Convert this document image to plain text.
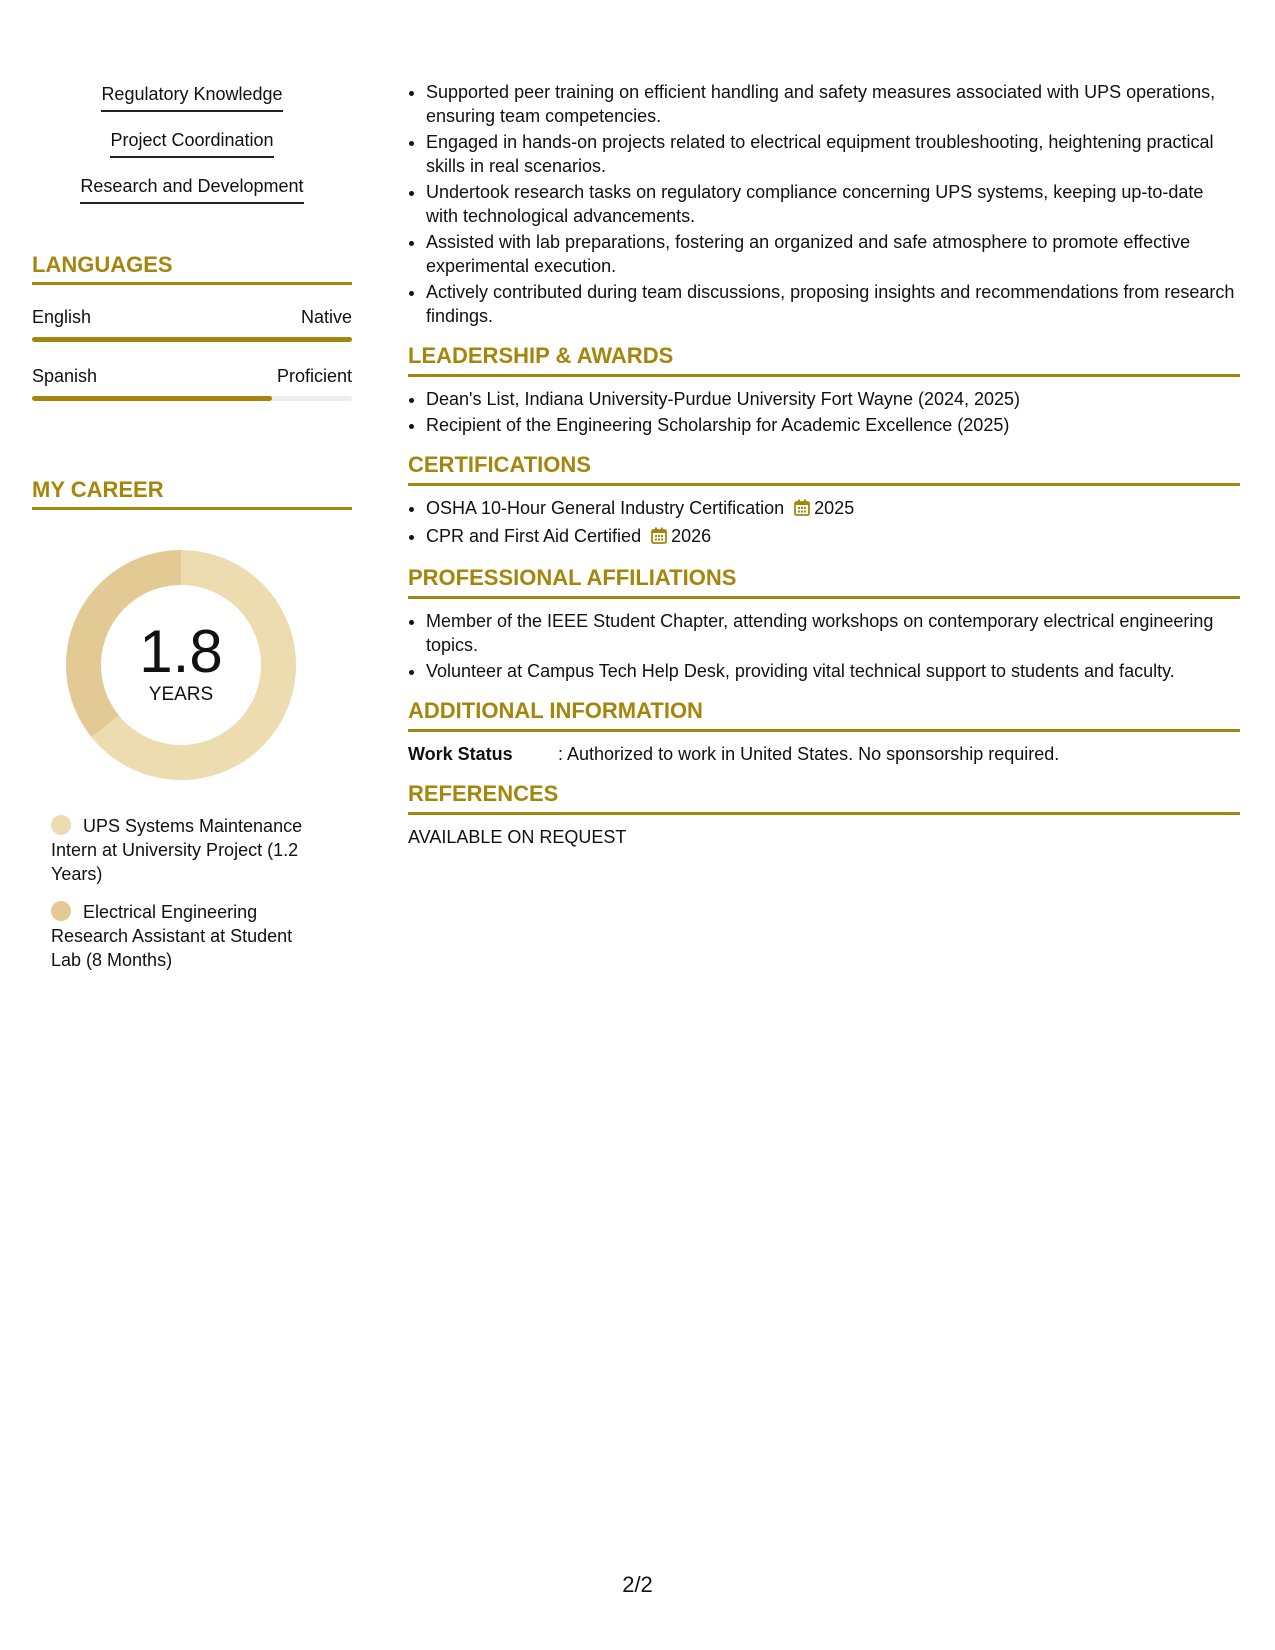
Regulatory Knowledge
Project Coordination
Research and Development
LANGUAGES
English	Native
Spanish	Proficient
MY CAREER
1.8
YEARS
UPS Systems Maintenance Intern at University Project (1.2 Years)
Electrical Engineering Research Assistant at Student Lab (8 Months)
• Supported peer training on efficient handling and safety measures associated with UPS operations, ensuring team competencies.
• Engaged in hands-on projects related to electrical equipment troubleshooting, heightening practical skills in real scenarios.
• Undertook research tasks on regulatory compliance concerning UPS systems, keeping up-to-date with technological advancements.
• Assisted with lab preparations, fostering an organized and safe atmosphere to promote effective experimental execution.
• Actively contributed during team discussions, proposing insights and recommendations from research findings.
LEADERSHIP & AWARDS
• Dean's List, Indiana University-Purdue University Fort Wayne (2024, 2025)
• Recipient of the Engineering Scholarship for Academic Excellence (2025)
CERTIFICATIONS
• OSHA 10-Hour General Industry Certification 2025
• CPR and First Aid Certified 2026
PROFESSIONAL AFFILIATIONS
• Member of the IEEE Student Chapter, attending workshops on contemporary electrical engineering topics.
• Volunteer at Campus Tech Help Desk, providing vital technical support to students and faculty.
ADDITIONAL INFORMATION
Work Status	: Authorized to work in United States. No sponsorship required.
REFERENCES
AVAILABLE ON REQUEST
2/2
